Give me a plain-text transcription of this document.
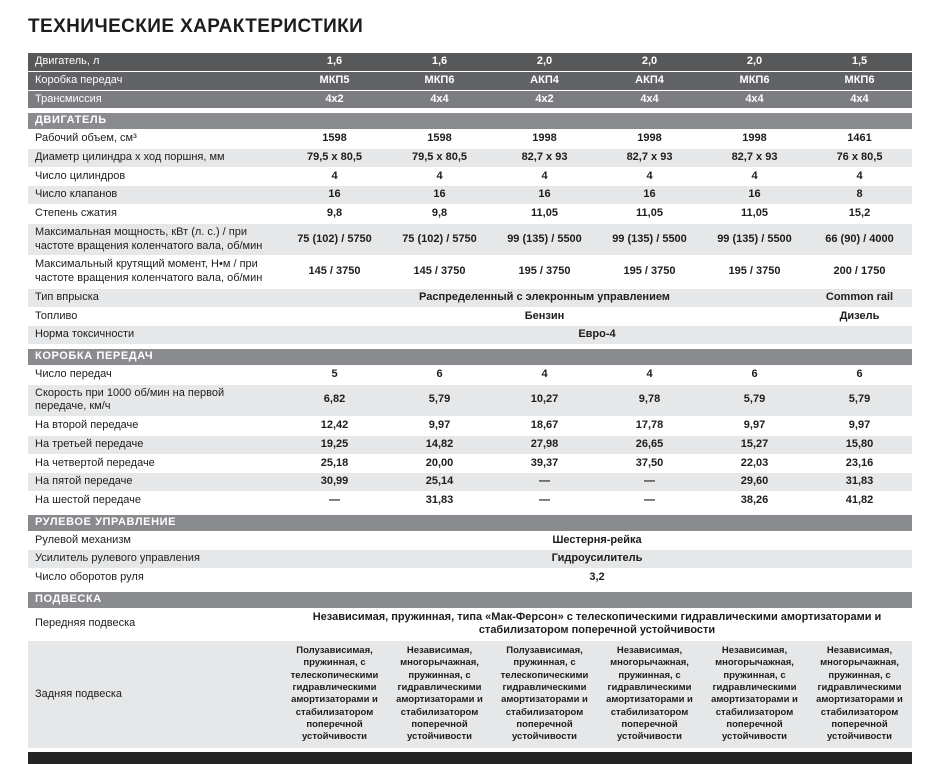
ТЕХНИЧЕСКИЕ ХАРАКТЕРИСТИКИ
Двигатель, л	1,6	1,6	2,0	2,0	2,0	1,5
Коробка передач	МКП5	МКП6	АКП4	АКП4	МКП6	МКП6
Трансмиссия	4х2	4х4	4х2	4х4	4х4	4х4

ДВИГАТЕЛЬ						
Рабочий объем, см³	1598	1598	1998	1998	1998	1461
Диаметр цилиндра х ход поршня, мм	79,5 х 80,5	79,5 х 80,5	82,7 х 93	82,7 х 93	82,7 х 93	76 х 80,5
Число цилиндров	4	4	4	4	4	4
Число клапанов	16	16	16	16	16	8
Степень сжатия	9,8	9,8	11,05	11,05	11,05	15,2
Максимальная мощность, кВт (л. с.) / при частоте вращения коленчатого вала, об/мин	75 (102) / 5750	75 (102) / 5750	99 (135) / 5500	99 (135) / 5500	99 (135) / 5500	66 (90) / 4000
Максимальный крутящий момент, Н•м / при частоте вращения коленчатого вала, об/мин	145 / 3750	145 / 3750	195 / 3750	195 / 3750	195 / 3750	200 / 1750
Тип впрыска	Распределенный с элекронным управлением					Common rail
Топливо	Бензин					Дизель
Норма токсичности	Евро-4					

КОРОБКА ПЕРЕДАЧ						
Число передач	5	6	4	4	6	6
Скорость при 1000 об/мин на первой передаче, км/ч	6,82	5,79	10,27	9,78	5,79	5,79
На второй передаче	12,42	9,97	18,67	17,78	9,97	9,97
На третьей передаче	19,25	14,82	27,98	26,65	15,27	15,80
На четвертой передаче	25,18	20,00	39,37	37,50	22,03	23,16
На пятой передаче	30,99	25,14	—	—	29,60	31,83
На шестой передаче	—	31,83	—	—	38,26	41,82

РУЛЕВОЕ УПРАВЛЕНИЕ						
Рулевой механизм	Шестерня-рейка					
Усилитель рулевого управления	Гидроусилитель					
Число оборотов руля	3,2					

ПОДВЕСКА						
Передняя подвеска	Независимая, пружинная, типа «Мак-Ферсон» с телескопическими гидравлическими амортизаторами и стабилизатором поперечной устойчивости					
Задняя подвеска	Полузависимая, пружинная, с телескопическими гидравлическими амортизаторами и стабилизатором поперечной устойчивости	Независимая, многорычажная, пружинная, с гидравлическими амортизаторами и стабилизатором поперечной устойчивости	Полузависимая, пружинная, с телескопическими гидравлическими амортизаторами и стабилизатором поперечной устойчивости	Независимая, многорычажная, пружинная, с гидравлическими амортизаторами и стабилизатором поперечной устойчивости	Независимая, многорычажная, пружинная, с гидравлическими амортизаторами и стабилизатором поперечной устойчивости	Независимая, многорычажная, пружинная, с гидравлическими амортизаторами и стабилизатором поперечной устойчивости
